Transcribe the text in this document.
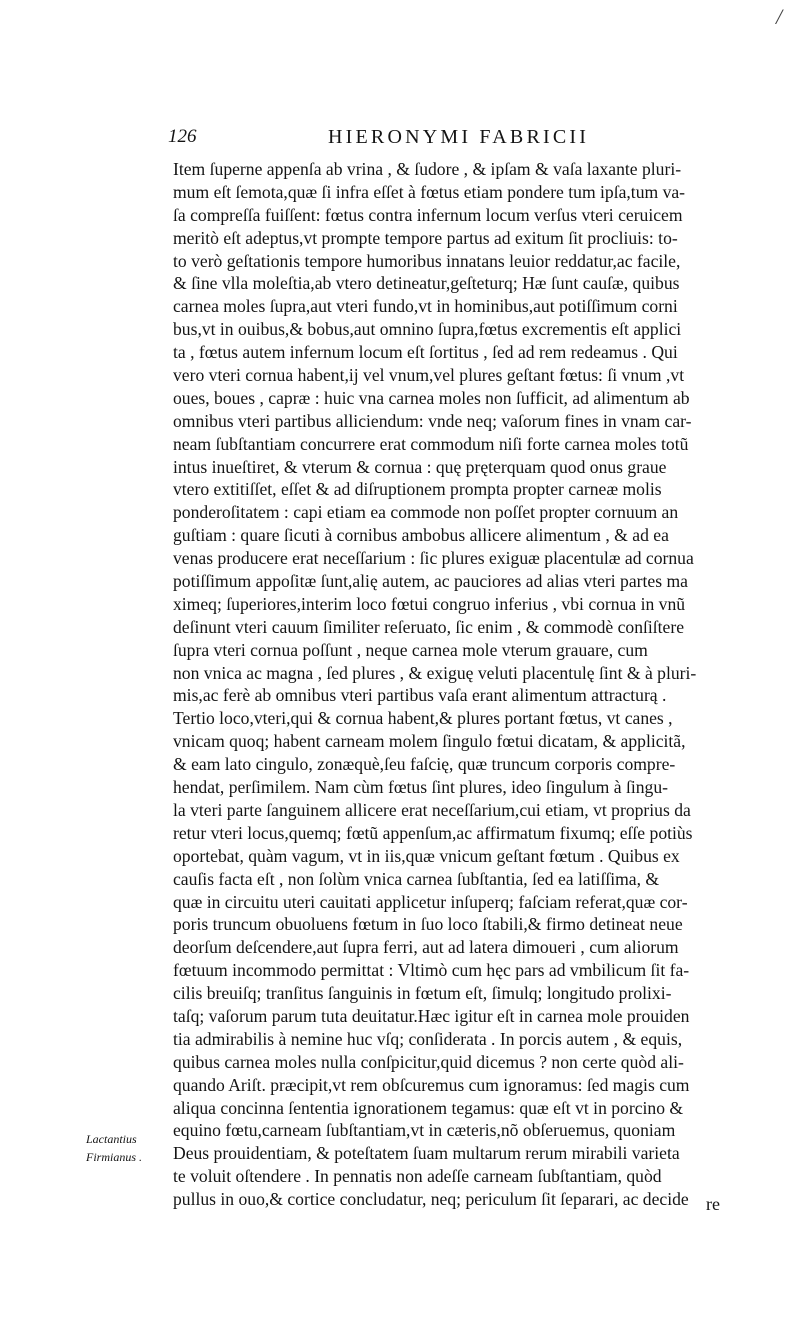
/
126	HIERONYMI FABRICII
Item ſuperne appenſa ab vrina , & ſudore , & ipſam & vaſa laxante pluri-
mum eſt ſemota,quæ ſi infra eſſet à fœtus etiam pondere tum ipſa,tum va-
ſa compreſſa fuiſſent: fœtus contra infernum locum verſus vteri ceruicem
meritò eſt adeptus,vt prompte tempore partus ad exitum ſit procliuis: to-
to verò geſtationis tempore humoribus innatans leuior reddatur,ac facile,
& ſine vlla moleſtia,ab vtero detineatur,geſteturq; Hæ ſunt cauſæ, quibus
carnea moles ſupra,aut vteri fundo,vt in hominibus,aut potiſſimum corni
bus,vt in ouibus,& bobus,aut omnino ſupra,fœtus excrementis eſt applici
ta , fœtus autem infernum locum eſt ſortitus , ſed ad rem redeamus . Qui
vero vteri cornua habent,ij vel vnum,vel plures geſtant fœtus: ſi vnum ,vt
oues, boues , capræ : huic vna carnea moles non ſufficit, ad alimentum ab
omnibus vteri partibus alliciendum: vnde neq; vaſorum fines in vnam car-
neam ſubſtantiam concurrere erat commodum niſi forte carnea moles totũ
intus inueſtiret, & vterum & cornua : quę pręterquam quod onus graue
vtero extitiſſet, eſſet & ad diſruptionem prompta propter carneæ molis
ponderoſitatem : capi etiam ea commode non poſſet propter cornuum an
guſtiam : quare ſicuti à cornibus ambobus allicere alimentum , & ad ea
venas producere erat neceſſarium : ſic plures exiguæ placentulæ ad cornua
potiſſimum appoſitæ ſunt,alię autem, ac pauciores ad alias vteri partes ma
ximeq; ſuperiores,interim loco fœtui congruo inferius , vbi cornua in vnũ
deſinunt vteri cauum ſimiliter reſeruato, ſic enim , & commodè conſiſtere
ſupra vteri cornua poſſunt , neque carnea mole vterum grauare, cum
non vnica ac magna , ſed plures , & exiguę veluti placentulę ſint & à pluri-
mis,ac ferè ab omnibus vteri partibus vaſa erant alimentum attracturą .
Tertio loco,vteri,qui & cornua habent,& plures portant fœtus, vt canes ,
vnicam quoq; habent carneam molem ſingulo fœtui dicatam, & applicitã,
& eam lato cingulo, zonæquè,ſeu faſcię, quæ truncum corporis compre-
hendat, perſimilem. Nam cùm fœtus ſint plures, ideo ſingulum à ſingu-
la vteri parte ſanguinem allicere erat neceſſarium,cui etiam, vt proprius da
retur vteri locus,quemq; fœtũ appenſum,ac affirmatum fixumq; eſſe potiùs
oportebat, quàm vagum, vt in iis,quæ vnicum geſtant fœtum . Quibus ex
cauſis facta eſt , non ſolùm vnica carnea ſubſtantia, ſed ea latiſſima, &
quæ in circuitu uteri cauitati applicetur inſuperq; faſciam referat,quæ cor-
poris truncum obuoluens fœtum in ſuo loco ſtabili,& firmo detineat neue
deorſum deſcendere,aut ſupra ferri, aut ad latera dimoueri , cum aliorum
fœtuum incommodo permittat : Vltimò cum hęc pars ad vmbilicum ſit fa-
cilis breuiſq; tranſitus ſanguinis in fœtum eſt, ſimulq; longitudo prolixi-
taſq; vaſorum parum tuta deuitatur.Hæc igitur eſt in carnea mole prouiden
tia admirabilis à nemine huc vſq; conſiderata . In porcis autem , & equis,
quibus carnea moles nulla conſpicitur,quid dicemus ? non certe quòd ali-
quando Ariſt. præcipit,vt rem obſcuremus cum ignoramus: ſed magis cum
aliqua concinna ſententia ignorationem tegamus: quæ eſt vt in porcino &
equino fœtu,carneam ſubſtantiam,vt in cæteris,nõ obſeruemus, quoniam
Deus prouidentiam, & poteſtatem ſuam multarum rerum mirabili varieta
te voluit oſtendere . In pennatis non adeſſe carneam ſubſtantiam, quòd
pullus in ouo,& cortice concludatur, neq; periculum ſit ſeparari, ac decide
Lactantius
Firmianus .
re
